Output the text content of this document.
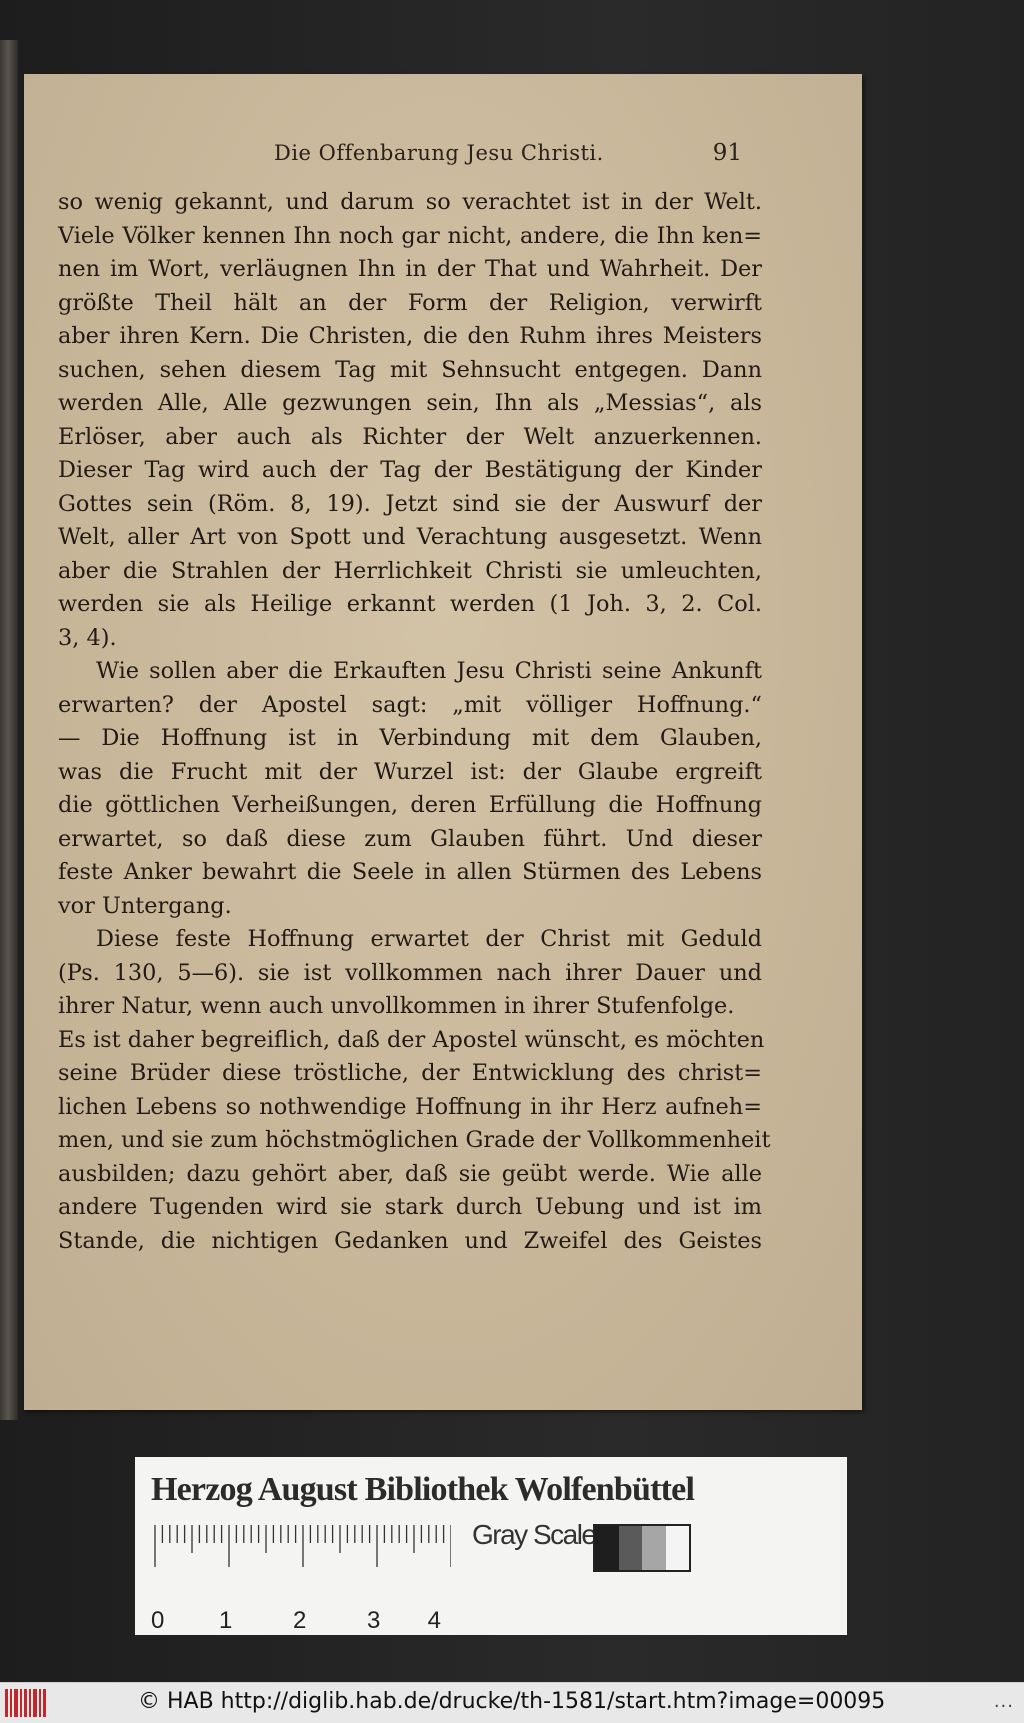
Die Offenbarung Jesu Christi.	91
so wenig gekannt, und darum so verachtet ist in der Welt.
Viele Völker kennen Ihn noch gar nicht, andere, die Ihn ken=
nen im Wort, verläugnen Ihn in der That und Wahrheit. Der
größte Theil hält an der Form der Religion, verwirft
aber ihren Kern. Die Christen, die den Ruhm ihres Meisters
suchen, sehen diesem Tag mit Sehnsucht entgegen. Dann
werden Alle, Alle gezwungen sein, Ihn als „Messias“, als
Erlöser, aber auch als Richter der Welt anzuerkennen.
Dieser Tag wird auch der Tag der Bestätigung der Kinder
Gottes sein (Röm. 8, 19). Jetzt sind sie der Auswurf der
Welt, aller Art von Spott und Verachtung ausgesetzt. Wenn
aber die Strahlen der Herrlichkeit Christi sie umleuchten,
werden sie als Heilige erkannt werden (1 Joh. 3, 2. Col.
3, 4).
Wie sollen aber die Erkauften Jesu Christi seine Ankunft
erwarten? der Apostel sagt: „mit völliger Hoffnung.“
— Die Hoffnung ist in Verbindung mit dem Glauben,
was die Frucht mit der Wurzel ist: der Glaube ergreift
die göttlichen Verheißungen, deren Erfüllung die Hoffnung
erwartet, so daß diese zum Glauben führt. Und dieser
feste Anker bewahrt die Seele in allen Stürmen des Lebens
vor Untergang.
Diese feste Hoffnung erwartet der Christ mit Geduld
(Ps. 130, 5—6). sie ist vollkommen nach ihrer Dauer und
ihrer Natur, wenn auch unvollkommen in ihrer Stufenfolge.
Es ist daher begreiflich, daß der Apostel wünscht, es möchten
seine Brüder diese tröstliche, der Entwicklung des christ=
lichen Lebens so nothwendige Hoffnung in ihr Herz aufneh=
men, und sie zum höchstmöglichen Grade der Vollkommenheit
ausbilden; dazu gehört aber, daß sie geübt werde. Wie alle
andere Tugenden wird sie stark durch Uebung und ist im
Stande, die nichtigen Gedanken und Zweifel des Geistes
Herzog August Bibliothek Wolfenbüttel
0 1	2	3 4
Gray Scale
© HAB http://diglib.hab.de/drucke/th-1581/start.htm?image=00095	...
